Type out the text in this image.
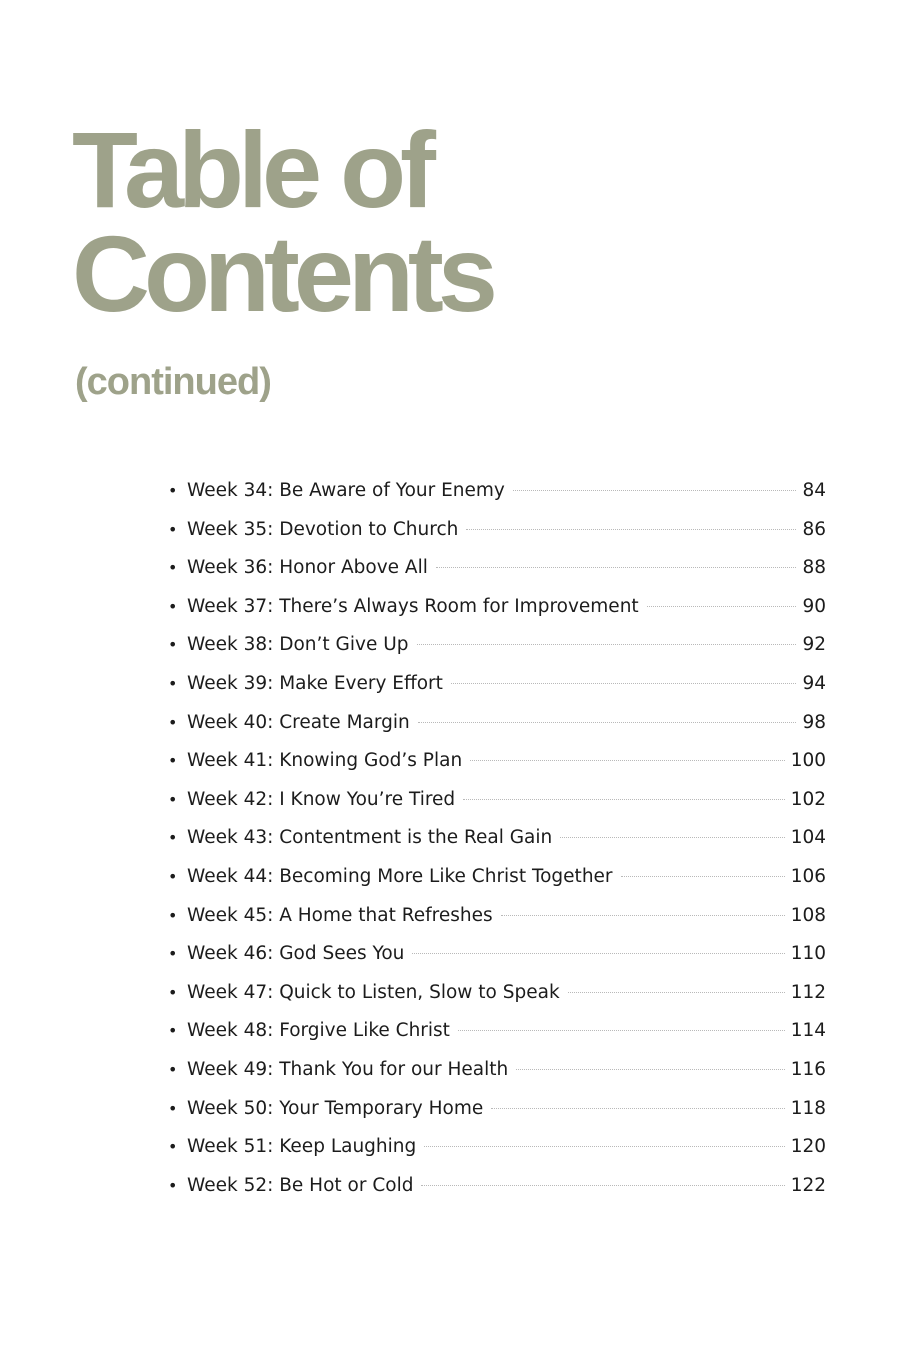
Table of
Contents
(continued)
• Week 34: Be Aware of Your Enemy	84
• Week 35: Devotion to Church	86
• Week 36: Honor Above All	88
• Week 37: There’s Always Room for Improvement	90
• Week 38: Don’t Give Up	92
• Week 39: Make Every Effort	94
• Week 40: Create Margin	98
• Week 41: Knowing God’s Plan	100
• Week 42: I Know You’re Tired	102
• Week 43: Contentment is the Real Gain	104
• Week 44: Becoming More Like Christ Together	106
• Week 45: A Home that Refreshes	108
• Week 46: God Sees You	110
• Week 47: Quick to Listen, Slow to Speak	112
• Week 48: Forgive Like Christ	114
• Week 49: Thank You for our Health	116
• Week 50: Your Temporary Home	118
• Week 51: Keep Laughing	120
• Week 52: Be Hot or Cold	122
